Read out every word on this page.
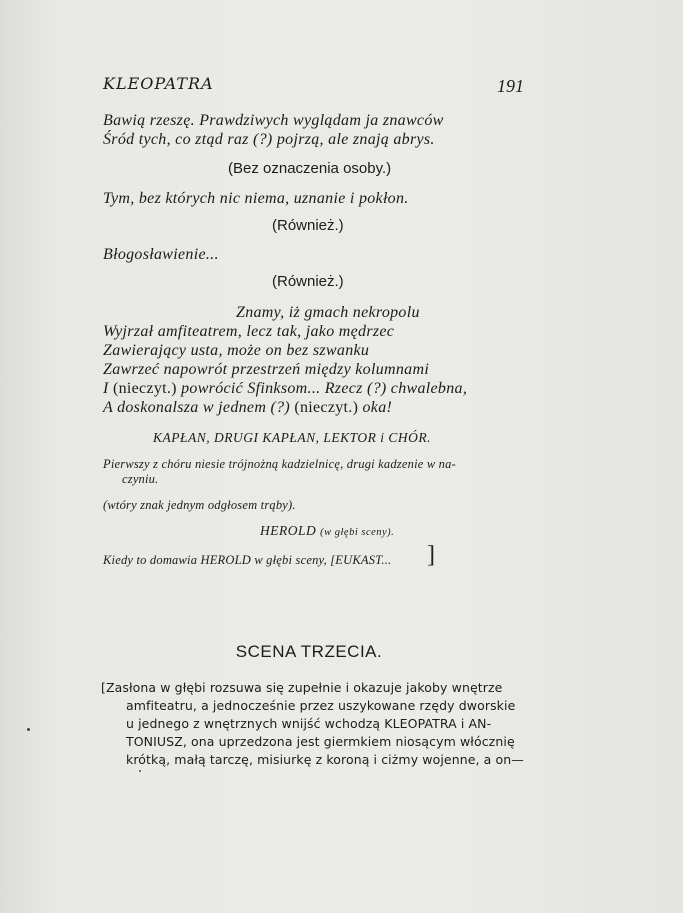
KLEOPATRA	191
Bawią rzeszę. Prawdziwych wyglądam ja znawców
Śród tych, co ztąd raz (?) pojrzą, ale znają abrys.
(Bez oznaczenia osoby.)
Tym, bez których nic niema, uznanie i pokłon.
(Również.)
Błogosławienie...
(Również.)
Znamy, iż gmach nekropolu
Wyjrzał amfiteatrem, lecz tak, jako mędrzec
Zawierający usta, może on bez szwanku
Zawrzeć napowrót przestrzeń między kolumnami
I (nieczyt.) powrócić Sfinksom... Rzecz (?) chwalebna,
A doskonalsza w jednem (?) (nieczyt.) oka!
KAPŁAN, DRUGI KAPŁAN, LEKTOR i CHÓR.
Pierwszy z chóru niesie trójnożną kadzielnicę, drugi kadzenie w na-
czyniu.
(wtóry znak jednym odgłosem trąby).
HEROLD (w głębi sceny).
Kiedy to domawia HEROLD w głębi sceny, [EUKAST... ]
SCENA TRZECIA.
[Zasłona w głębi rozsuwa się zupełnie i okazuje jakoby wnętrze
amfiteatru, a jednocześnie przez uszykowane rzędy dworskie
u jednego z wnętrznych wnijść wchodzą KLEOPATRA i AN-
TONIUSZ, ona uprzedzona jest giermkiem niosącym włócznię
krótką, małą tarczę, misiurkę z koroną i ciżmy wojenne, a on—
